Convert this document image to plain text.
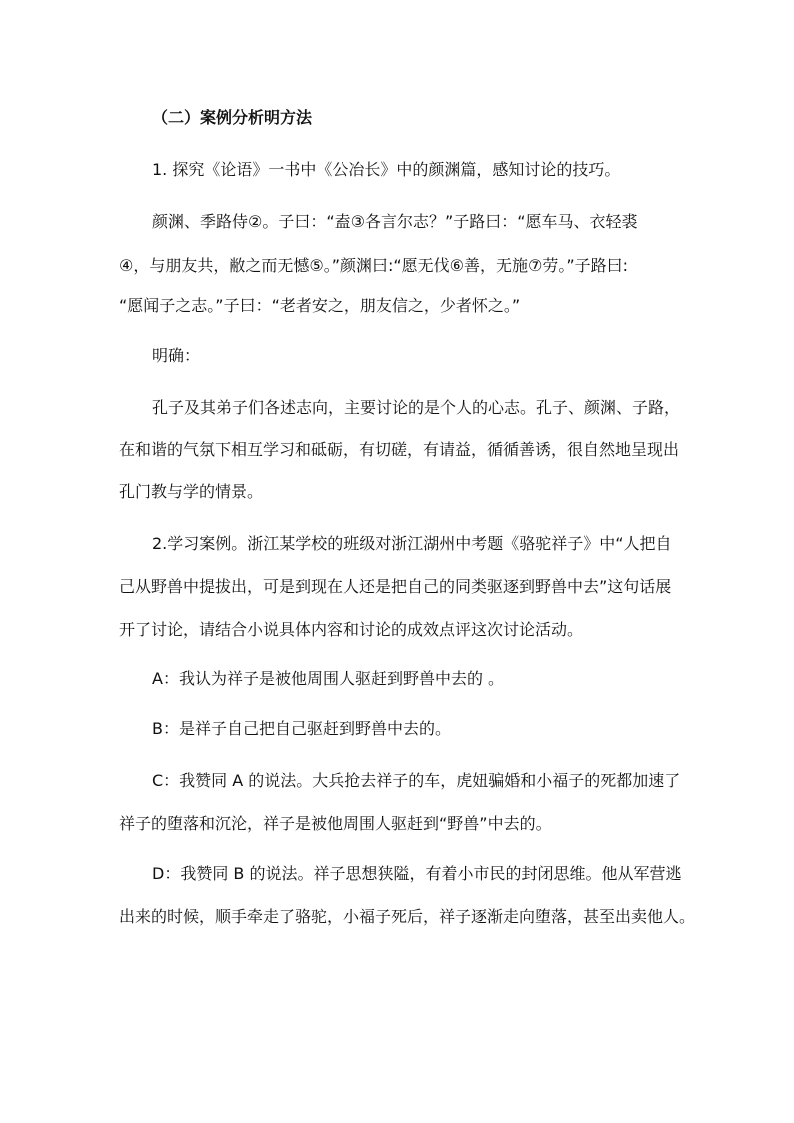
（二）案例分析明方法
1. 探究《论语》一书中《公冶长》中的颜渊篇，感知讨论的技巧。
颜渊、季路侍②。子曰：“盍③各言尔志？”子路曰：“愿车马、衣轻裘
④，与朋友共，敝之而无憾⑤。”颜渊曰:“愿无伐⑥善，无施⑦劳。”子路曰:
“愿闻子之志。”子曰：“老者安之，朋友信之，少者怀之。”
明确：
孔子及其弟子们各述志向，主要讨论的是个人的心志。孔子、颜渊、子路，
在和谐的气氛下相互学习和砥砺，有切磋，有请益，循循善诱，很自然地呈现出
孔门教与学的情景。
2.学习案例。浙江某学校的班级对浙江湖州中考题《骆驼祥子》中“人把自
己从野兽中提拔出，可是到现在人还是把自己的同类驱逐到野兽中去”这句话展
开了讨论，请结合小说具体内容和讨论的成效点评这次讨论活动。
A：我认为祥子是被他周围人驱赶到野兽中去的 。
B：是祥子自己把自己驱赶到野兽中去的。
C：我赞同 A 的说法。大兵抢去祥子的车，虎妞骗婚和小福子的死都加速了
祥子的堕落和沉沦，祥子是被他周围人驱赶到“野兽”中去的。
D：我赞同 B 的说法。祥子思想狭隘，有着小市民的封闭思维。他从军营逃
出来的时候，顺手牵走了骆驼，小福子死后，祥子逐渐走向堕落，甚至出卖他人。
